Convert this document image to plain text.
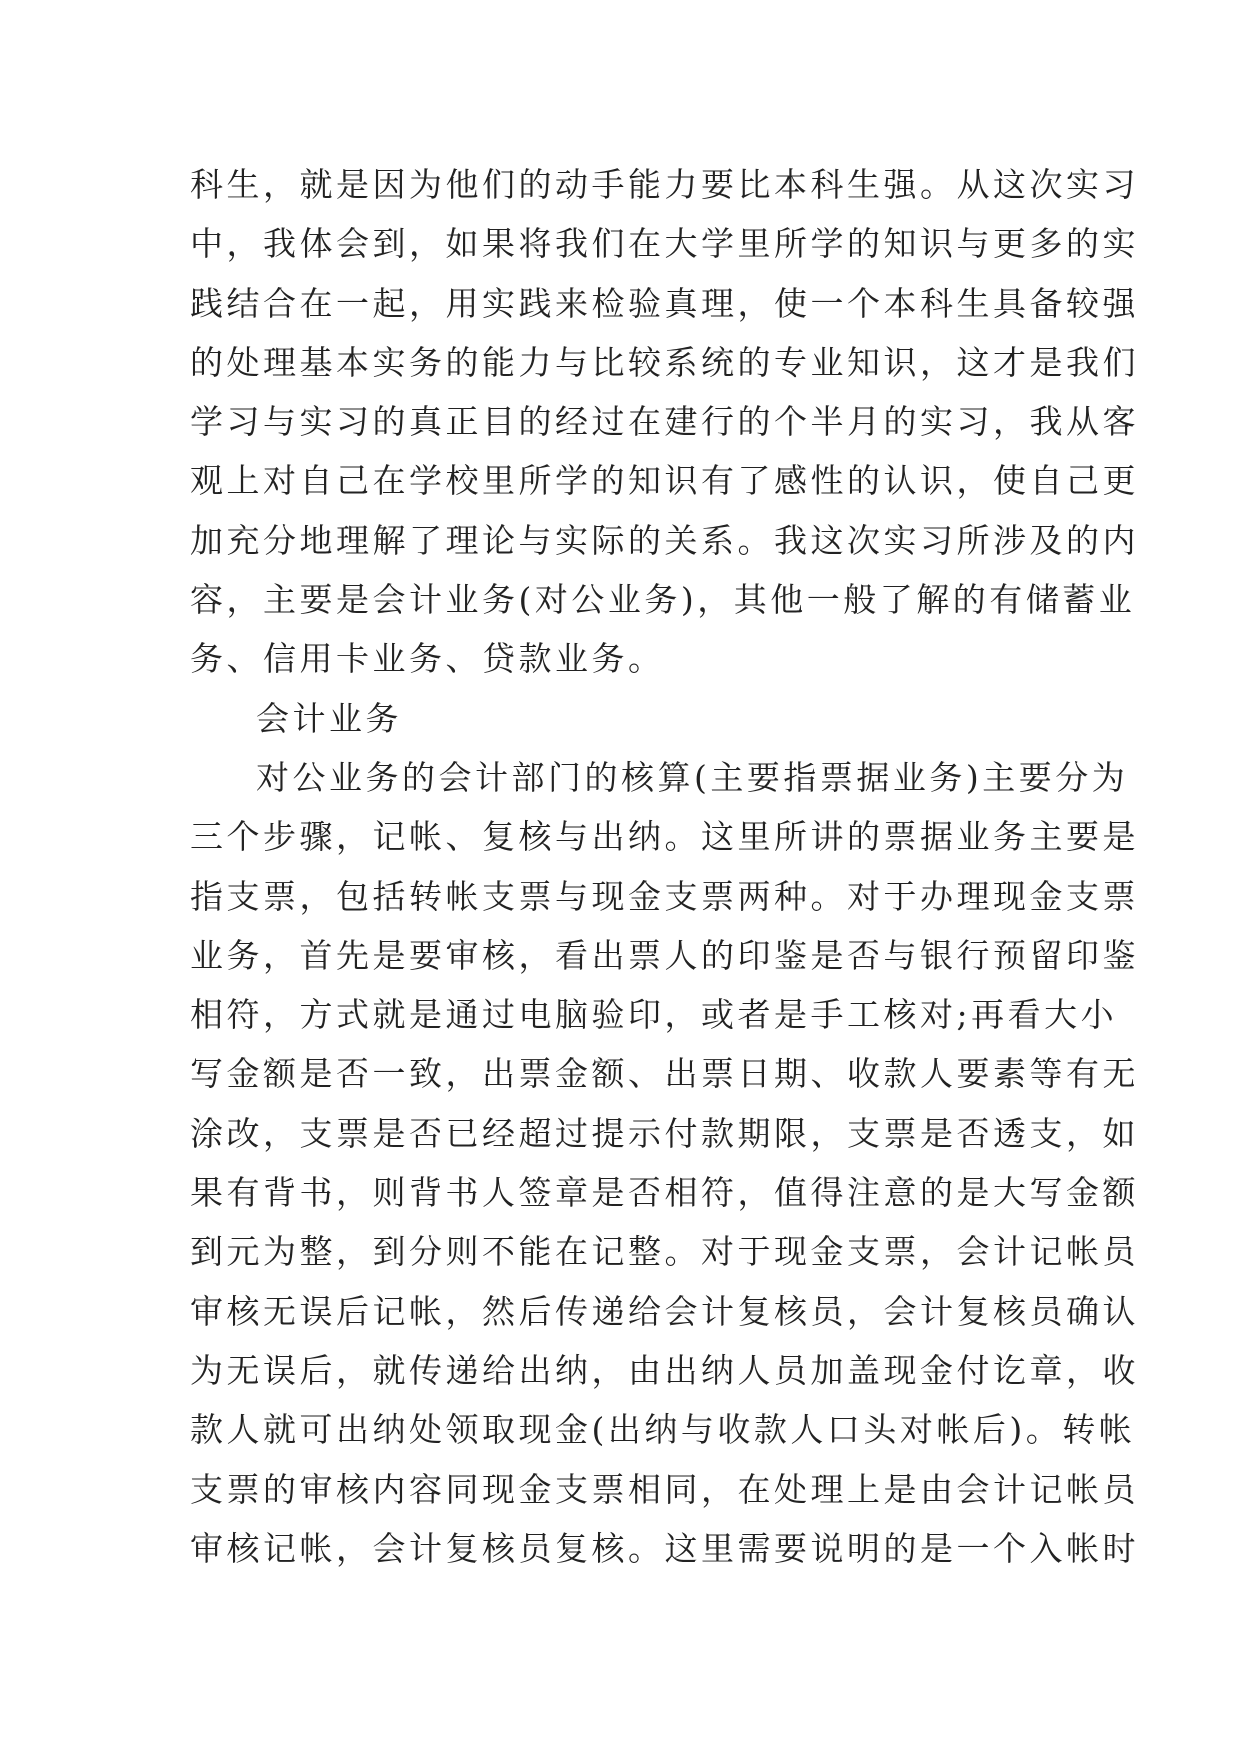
科生，就是因为他们的动手能力要比本科生强。从这次实习
中，我体会到，如果将我们在大学里所学的知识与更多的实
践结合在一起，用实践来检验真理，使一个本科生具备较强
的处理基本实务的能力与比较系统的专业知识，这才是我们
学习与实习的真正目的经过在建行的个半月的实习，我从客
观上对自己在学校里所学的知识有了感性的认识，使自己更
加充分地理解了理论与实际的关系。我这次实习所涉及的内
容，主要是会计业务(对公业务)，其他一般了解的有储蓄业
务、信用卡业务、贷款业务。
会计业务
对公业务的会计部门的核算(主要指票据业务)主要分为
三个步骤，记帐、复核与出纳。这里所讲的票据业务主要是
指支票，包括转帐支票与现金支票两种。对于办理现金支票
业务，首先是要审核，看出票人的印鉴是否与银行预留印鉴
相符，方式就是通过电脑验印，或者是手工核对;再看大小
写金额是否一致，出票金额、出票日期、收款人要素等有无
涂改，支票是否已经超过提示付款期限，支票是否透支，如
果有背书，则背书人签章是否相符，值得注意的是大写金额
到元为整，到分则不能在记整。对于现金支票，会计记帐员
审核无误后记帐，然后传递给会计复核员，会计复核员确认
为无误后，就传递给出纳，由出纳人员加盖现金付讫章，收
款人就可出纳处领取现金(出纳与收款人口头对帐后)。转帐
支票的审核内容同现金支票相同，在处理上是由会计记帐员
审核记帐，会计复核员复核。这里需要说明的是一个入帐时
